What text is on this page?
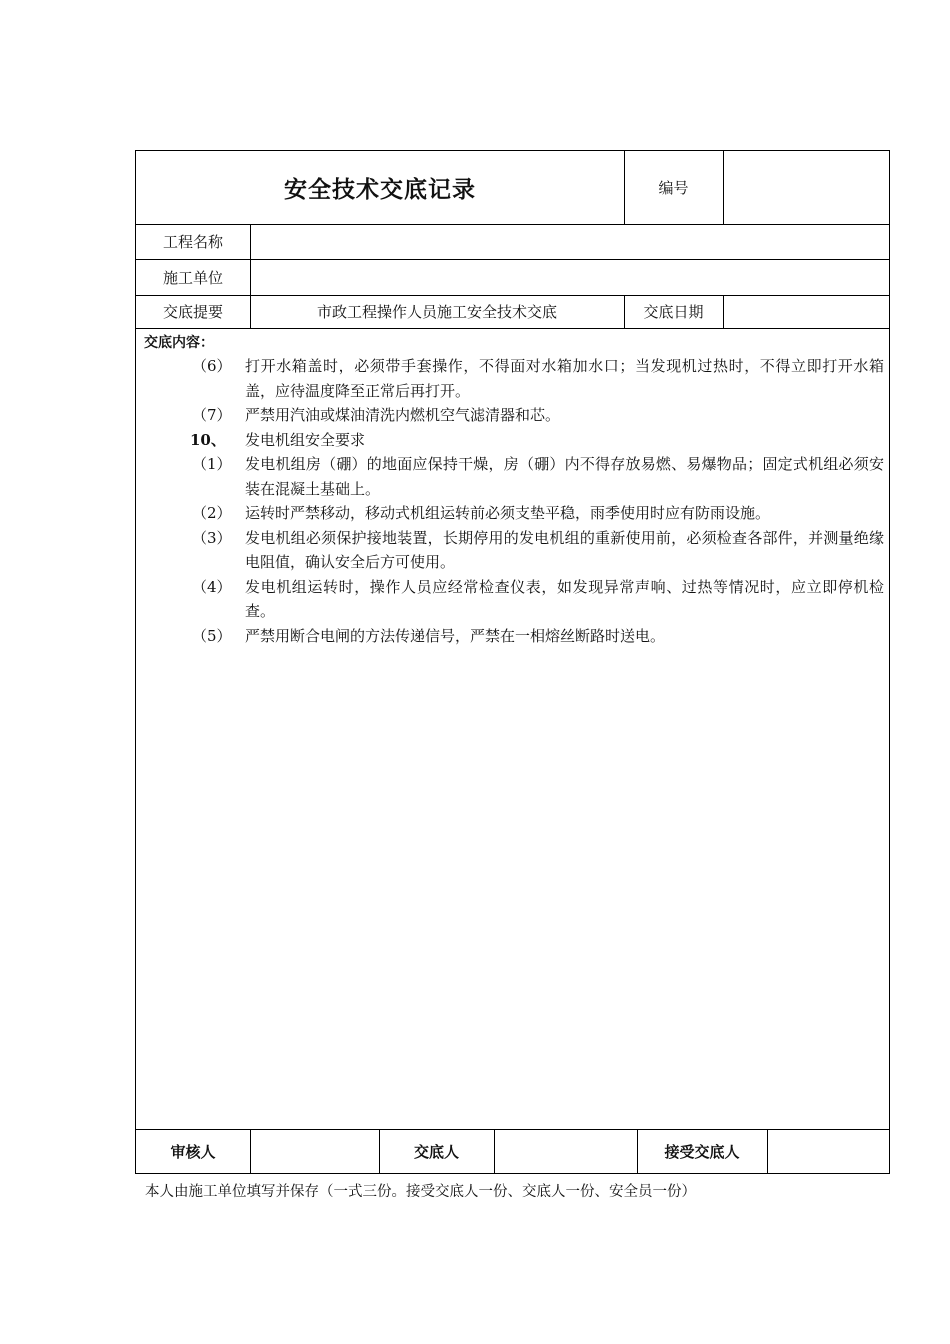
安全技术交底记录	编号
工程名称
施工单位
交底提要	市政工程操作人员施工安全技术交底	交底日期
交底内容：
（6） 打开水箱盖时，必须带手套操作，不得面对水箱加水口；当发现机过热时，不得立即打开水箱盖，应待温度降至正常后再打开。
（7） 严禁用汽油或煤油清洗内燃机空气滤清器和芯。
10、	发电机组安全要求
（1） 发电机组房（硼）的地面应保持干燥，房（硼）内不得存放易燃、易爆物品；固定式机组必须安装在混凝土基础上。
（2） 运转时严禁移动，移动式机组运转前必须支垫平稳，雨季使用时应有防雨设施。
（3） 发电机组必须保护接地装置，长期停用的发电机组的重新使用前，必须检查各部件，并测量绝缘电阻值，确认安全后方可使用。
（4） 发电机组运转时，操作人员应经常检查仪表，如发现异常声响、过热等情况时，应立即停机检查。
（5） 严禁用断合电闸的方法传递信号，严禁在一相熔丝断路时送电。
审核人	交底人	接受交底人
本人由施工单位填写并保存（一式三份。接受交底人一份、交底人一份、安全员一份）
